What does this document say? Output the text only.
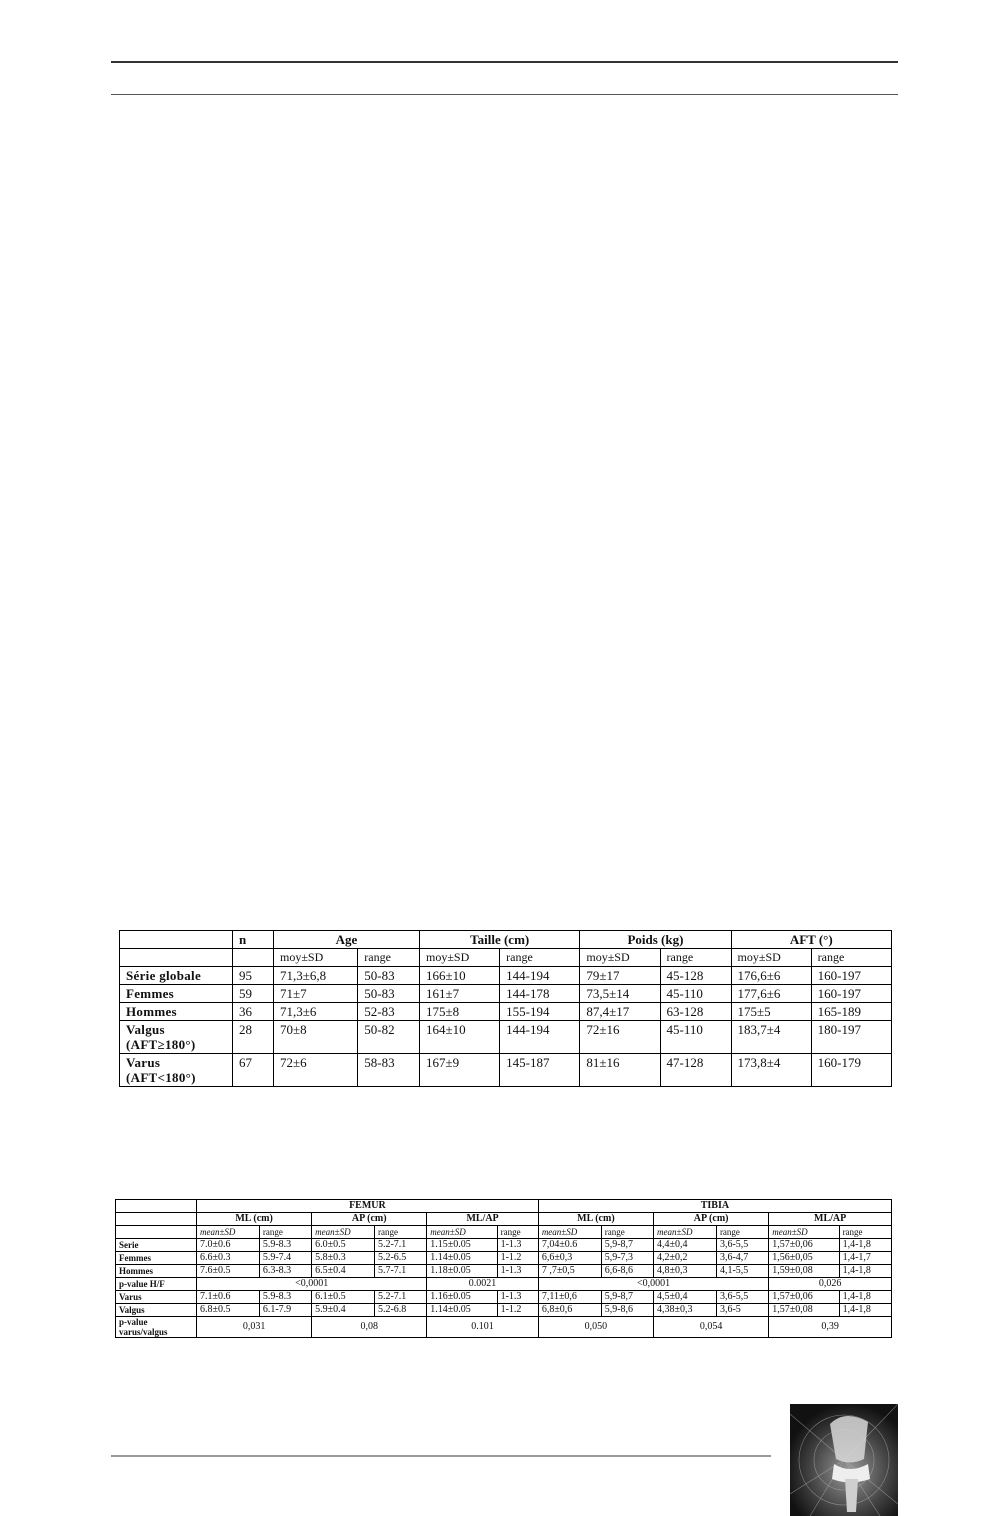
	n	Age		Taille (cm)		Poids (kg)		AFT (°)	
		moy±SD	range	moy±SD	range	moy±SD	range	moy±SD	range
Série globale	95	71,3±6,8	50-83	166±10	144-194	79±17	45-128	176,6±6	160-197
Femmes	59	71±7	50-83	161±7	144-178	73,5±14	45-110	177,6±6	160-197
Hommes	36	71,3±6	52-83	175±8	155-194	87,4±17	63-128	175±5	165-189
Valgus
(AFT≥180°)	28	70±8	50-82	164±10	144-194	72±16	45-110	183,7±4	180-197
Varus
(AFT<180°)	67	72±6	58-83	167±9	145-187	81±16	47-128	173,8±4	160-179
	FEMUR						TIBIA					
	ML (cm)		AP (cm)		ML/AP		ML (cm)		AP (cm)		ML/AP	
	mean±SD	range	mean±SD	range	mean±SD	range	mean±SD	range	mean±SD	range	mean±SD	range
Serie	7.0±0.6	5.9-8.3	6.0±0.5	5.2-7.1	1.15±0.05	1-1.3	7,04±0.6	5,9-8,7	4,4±0,4	3,6-5,5	1,57±0,06	1,4-1,8
Femmes	6.6±0.3	5.9-7.4	5.8±0.3	5.2-6.5	1.14±0.05	1-1.2	6,6±0,3	5,9-7,3	4,2±0,2	3,6-4,7	1,56±0,05	1,4-1,7
Hommes	7.6±0.5	6.3-8.3	6.5±0.4	5.7-7.1	1.18±0.05	1-1.3	7 ,7±0,5	6,6-8,6	4,8±0,3	4,1-5,5	1,59±0,08	1,4-1,8
p-value H/F	<0,0001				0.0021		<0,0001				0,026	
Varus	7.1±0.6	5.9-8.3	6.1±0.5	5.2-7.1	1.16±0.05	1-1.3	7,11±0,6	5,9-8,7	4,5±0,4	3,6-5,5	1,57±0,06	1,4-1,8
Valgus	6.8±0.5	6.1-7.9	5.9±0.4	5.2-6.8	1.14±0.05	1-1.2	6,8±0,6	5,9-8,6	4,38±0,3	3,6-5	1,57±0,08	1,4-1,8
p-value
varus/valgus	0,031		0,08		0.101		0,050		0,054		0,39	
